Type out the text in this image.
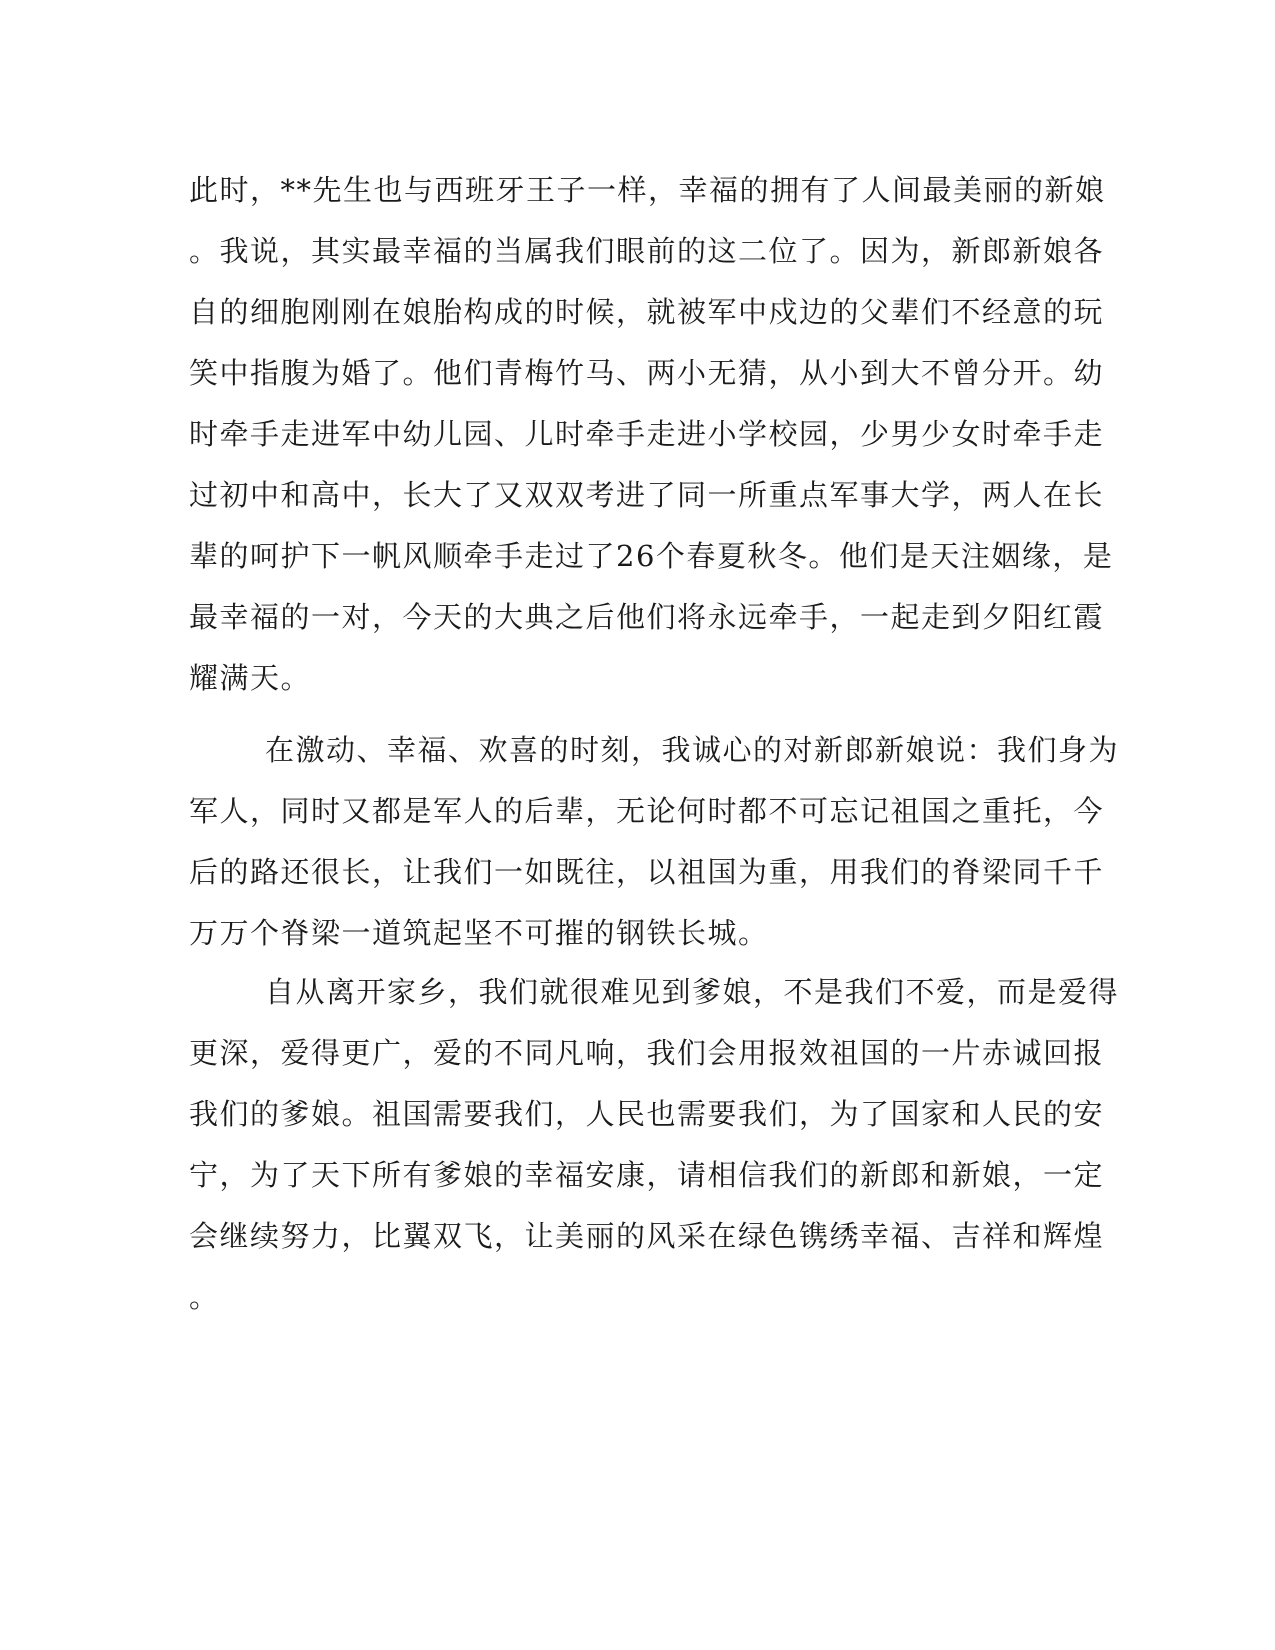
此时，**先生也与西班牙王子一样，幸福的拥有了人间最美丽的新娘
。我说，其实最幸福的当属我们眼前的这二位了。因为，新郎新娘各
自的细胞刚刚在娘胎构成的时候，就被军中戍边的父辈们不经意的玩
笑中指腹为婚了。他们青梅竹马、两小无猜，从小到大不曾分开。幼
时牵手走进军中幼儿园、儿时牵手走进小学校园，少男少女时牵手走
过初中和高中，长大了又双双考进了同一所重点军事大学，两人在长
辈的呵护下一帆风顺牵手走过了26个春夏秋冬。他们是天注姻缘，是
最幸福的一对，今天的大典之后他们将永远牵手，一起走到夕阳红霞
耀满天。
在激动、幸福、欢喜的时刻，我诚心的对新郎新娘说：我们身为
军人，同时又都是军人的后辈，无论何时都不可忘记祖国之重托，今
后的路还很长，让我们一如既往，以祖国为重，用我们的脊梁同千千
万万个脊梁一道筑起坚不可摧的钢铁长城。
自从离开家乡，我们就很难见到爹娘，不是我们不爱，而是爱得
更深，爱得更广，爱的不同凡响，我们会用报效祖国的一片赤诚回报
我们的爹娘。祖国需要我们，人民也需要我们，为了国家和人民的安
宁，为了天下所有爹娘的幸福安康，请相信我们的新郎和新娘，一定
会继续努力，比翼双飞，让美丽的风采在绿色镌绣幸福、吉祥和辉煌
。
